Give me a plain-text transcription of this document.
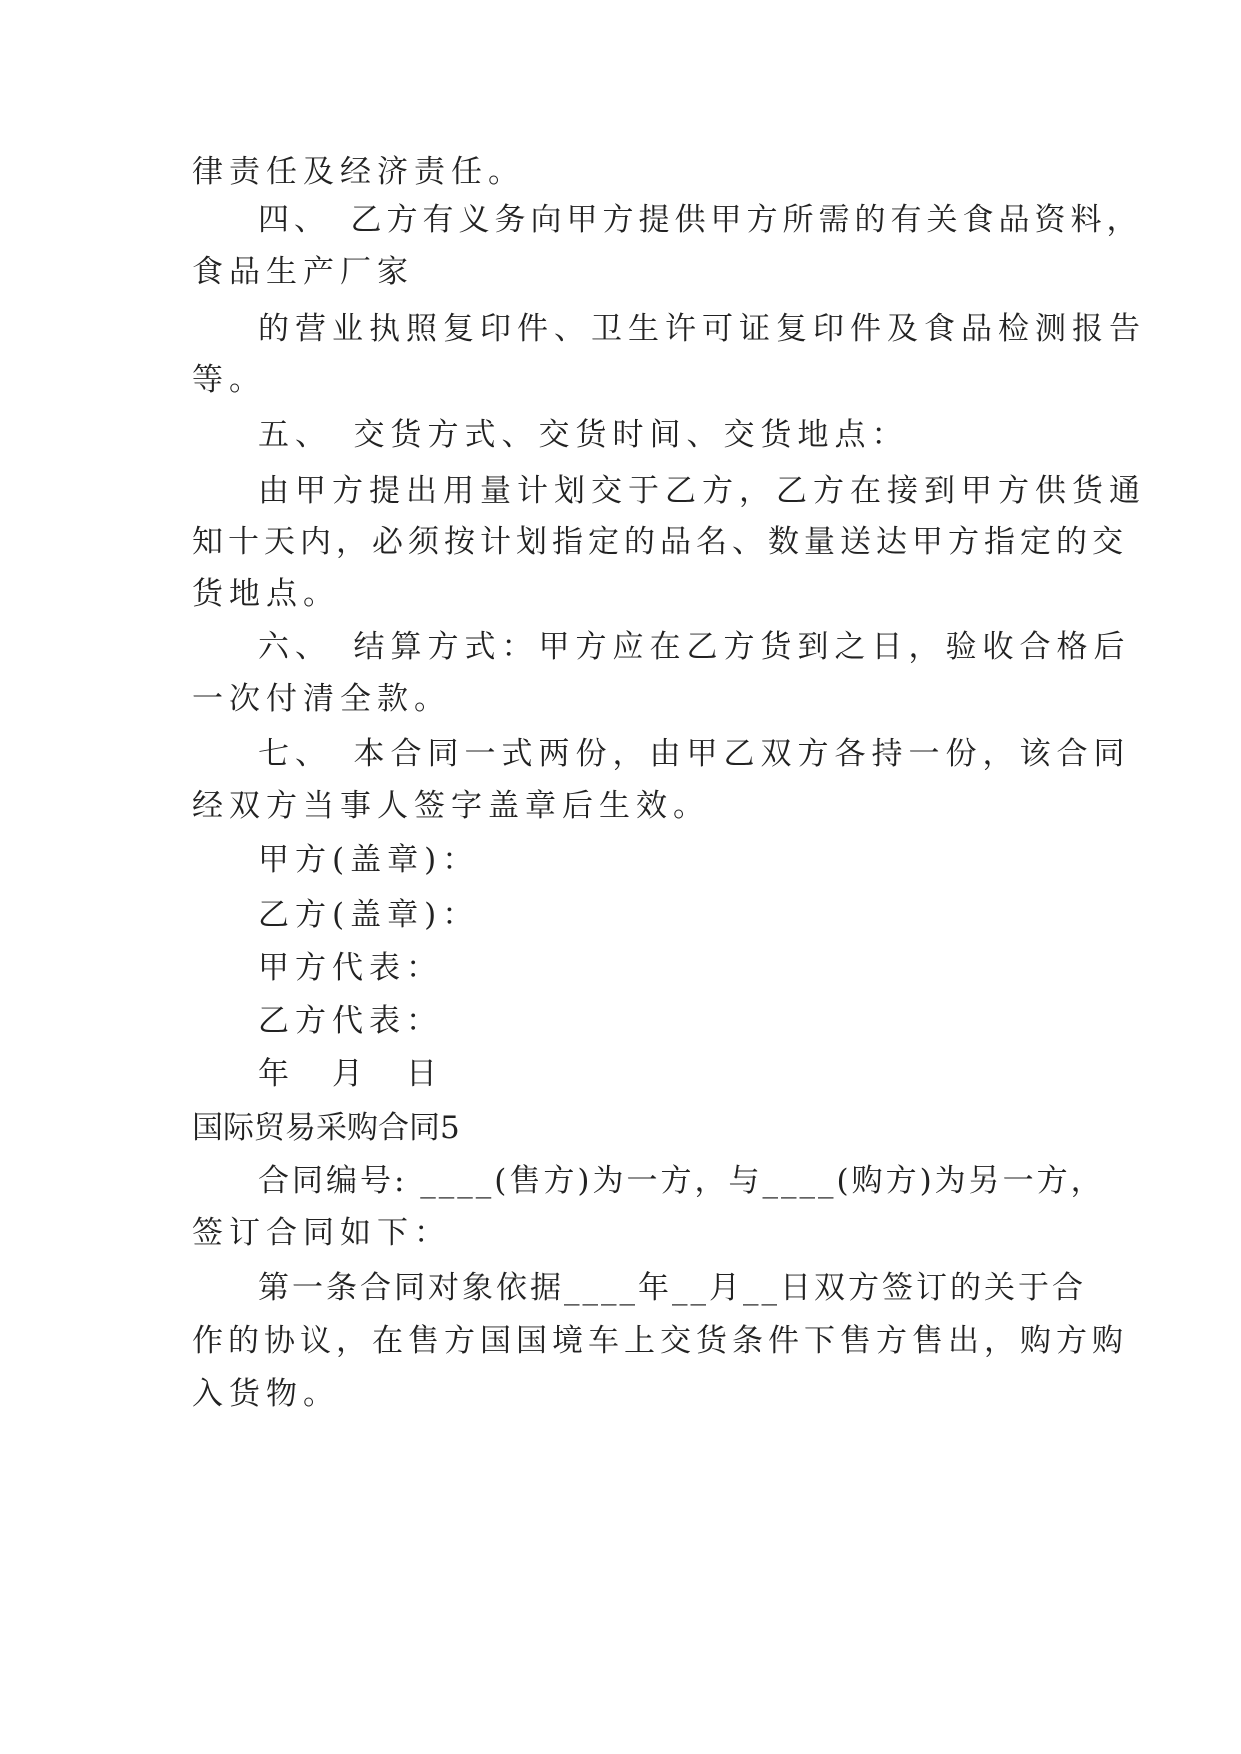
律责任及经济责任。
四、　乙方有义务向甲方提供甲方所需的有关食品资料，
食品生产厂家
的营业执照复印件、卫生许可证复印件及食品检测报告
等。
五、　交货方式、交货时间、交货地点：
由甲方提出用量计划交于乙方，乙方在接到甲方供货通
知十天内，必须按计划指定的品名、数量送达甲方指定的交
货地点。
六、　结算方式：甲方应在乙方货到之日，验收合格后
一次付清全款。
七、　本合同一式两份，由甲乙双方各持一份，该合同
经双方当事人签字盖章后生效。
甲方(盖章)：
乙方(盖章)：
甲方代表：
乙方代表：
年　月　日
国际贸易采购合同5
合同编号: ____(售方)为一方，与____(购方)为另一方，
签订合同如下：
第一条合同对象依据____年__月__日双方签订的关于合
作的协议，在售方国国境车上交货条件下售方售出，购方购
入货物。
